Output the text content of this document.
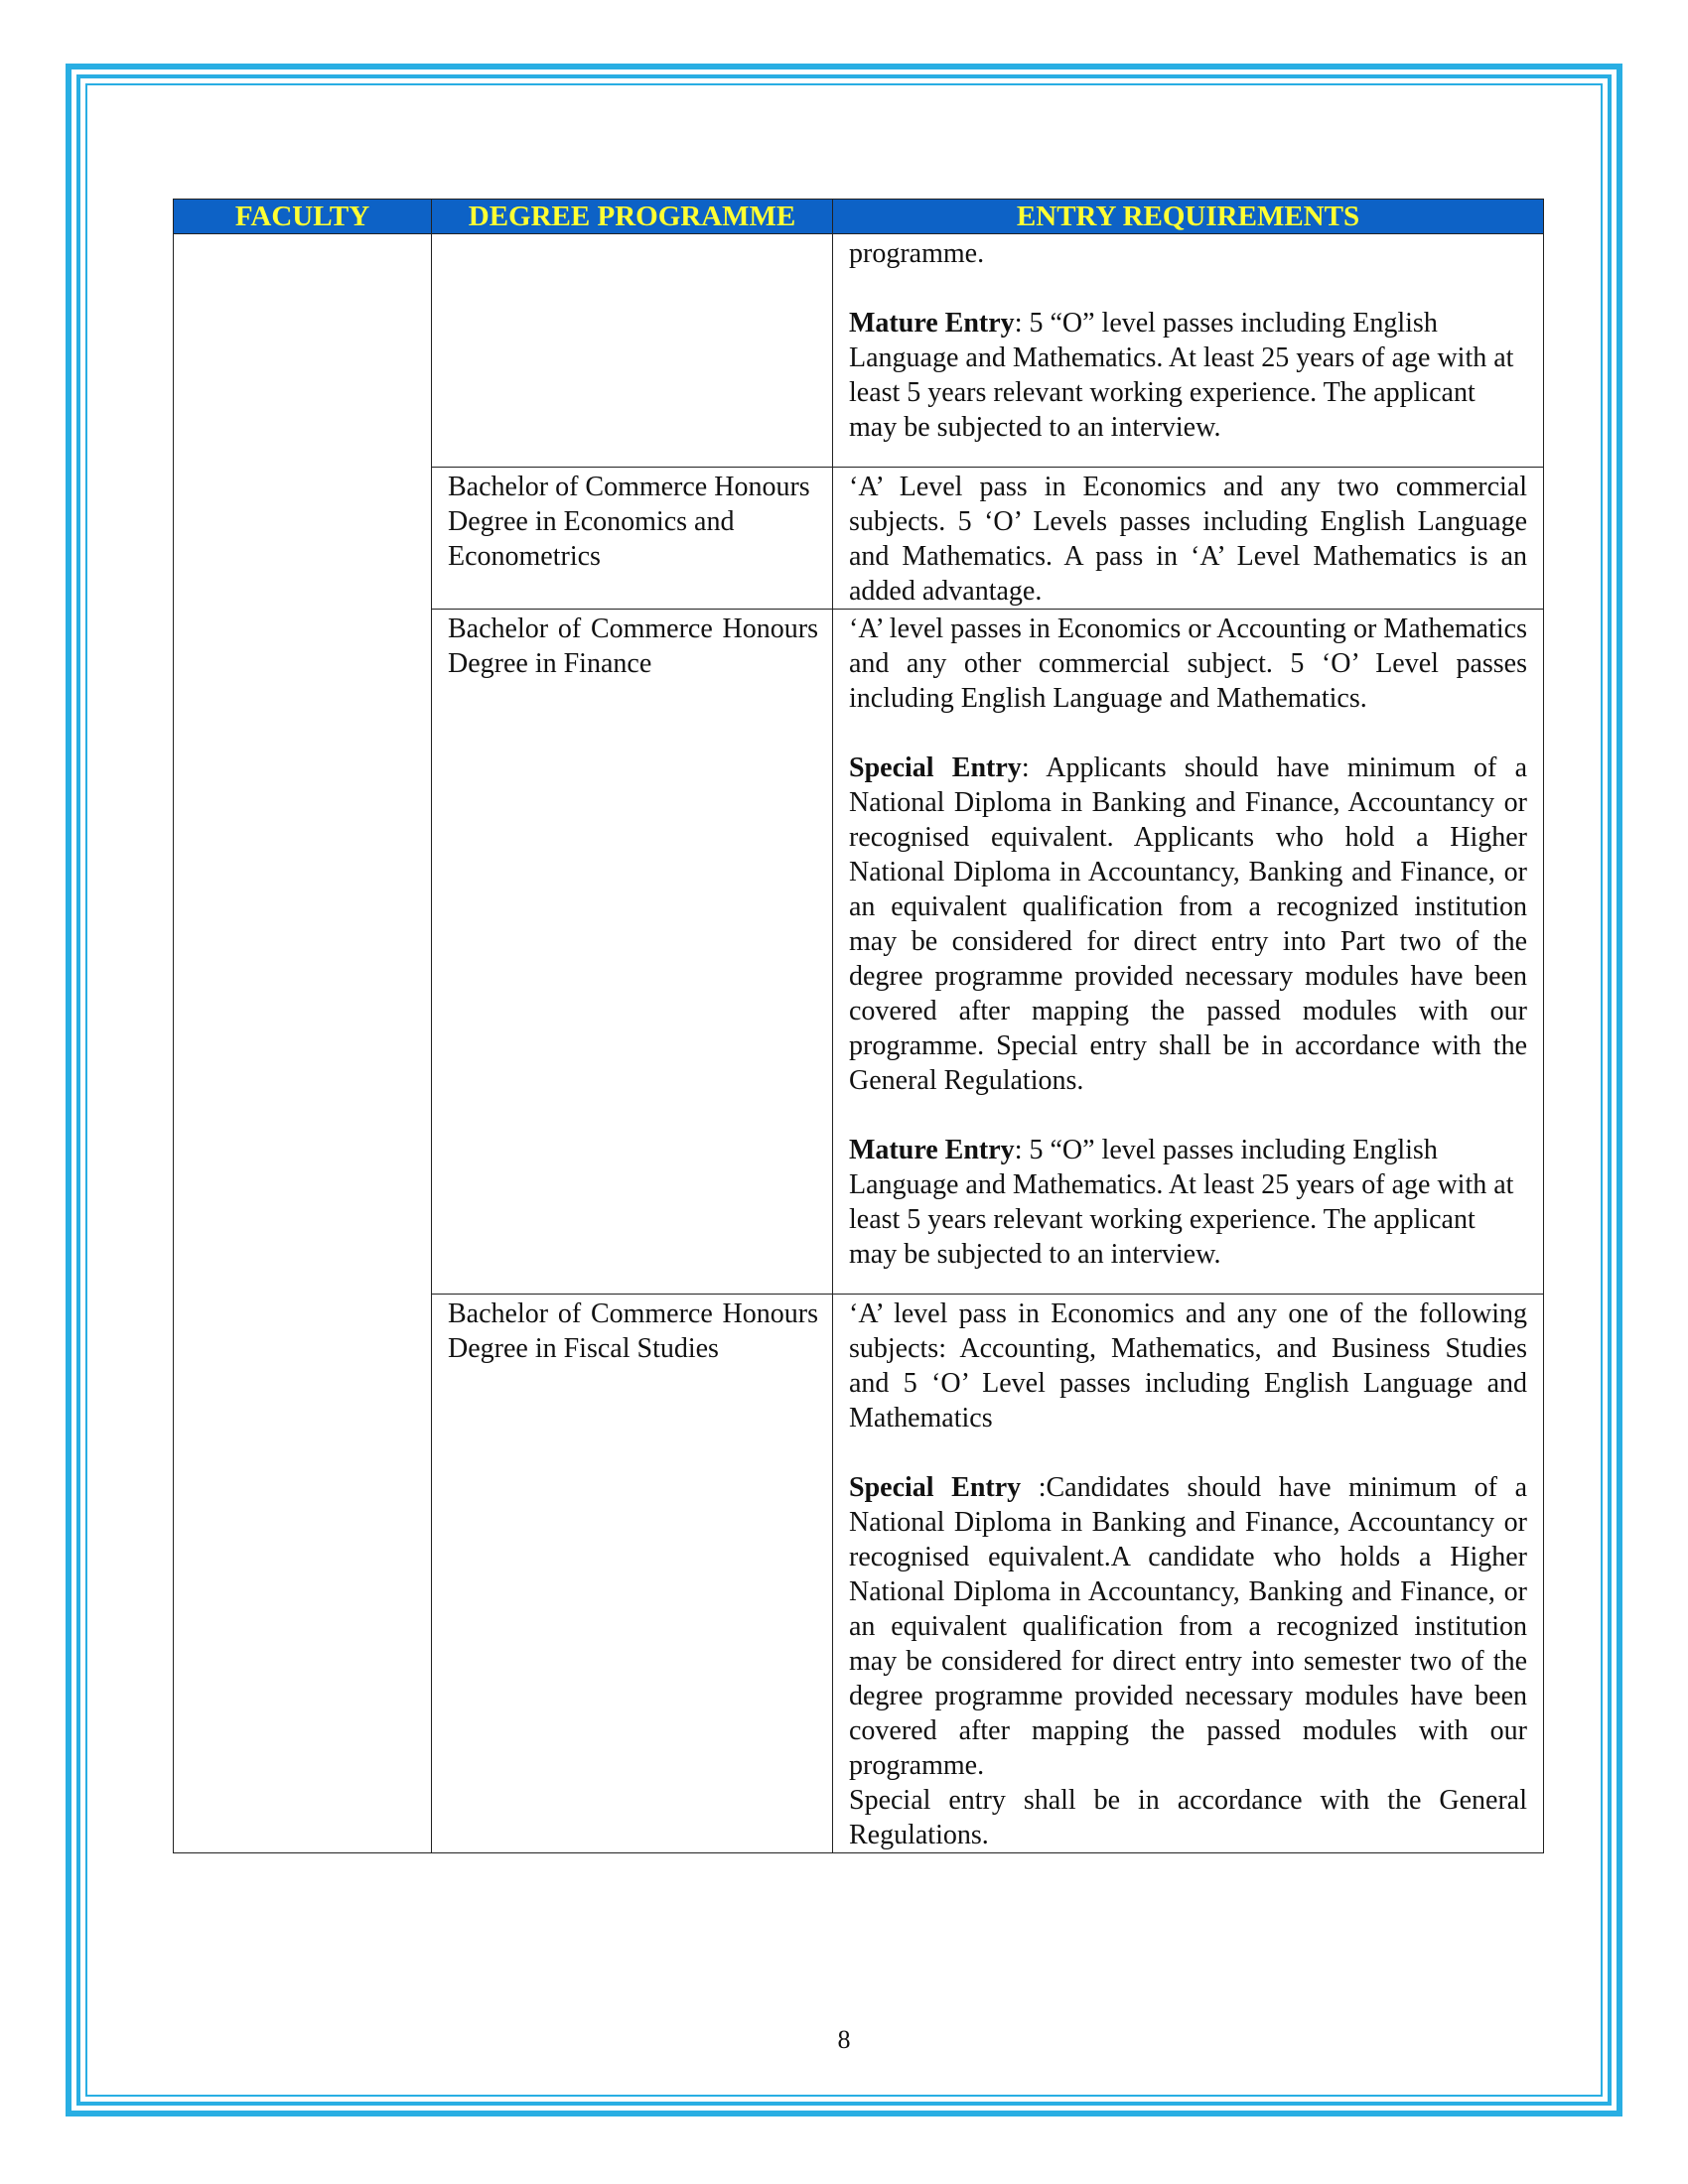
FACULTY	DEGREE PROGRAMME	ENTRY REQUIREMENTS

		programme.

Mature Entry: 5 “O” level passes including English Language and Mathematics. At least 25 years of age with at least 5 years relevant working experience. The applicant may be subjected to an interview.

	Bachelor of Commerce Honours Degree in Economics and Econometrics	‘A’ Level pass in Economics and any two commercial subjects. 5 ‘O’ Levels passes including English Language and Mathematics. A pass in ‘A’ Level Mathematics is an added advantage.

	Bachelor of Commerce Honours Degree in Finance	‘A’ level passes in Economics or Accounting or Mathematics and any other commercial subject. 5 ‘O’ Level passes including English Language and Mathematics.

Special Entry: Applicants should have minimum of a National Diploma in Banking and Finance, Accountancy or recognised equivalent. Applicants who hold a Higher National Diploma in Accountancy, Banking and Finance, or an equivalent qualification from a recognized institution may be considered for direct entry into Part two of the degree programme provided necessary modules have been covered after mapping the passed modules with our programme. Special entry shall be in accordance with the General Regulations.

Mature Entry: 5 “O” level passes including English Language and Mathematics. At least 25 years of age with at least 5 years relevant working experience. The applicant may be subjected to an interview.

	Bachelor of Commerce Honours Degree in Fiscal Studies	‘A’ level pass in Economics and any one of the following subjects: Accounting, Mathematics, and Business Studies and 5 ‘O’ Level passes including English Language and Mathematics

Special Entry :Candidates should have minimum of a National Diploma in Banking and Finance, Accountancy or recognised equivalent.A candidate who holds a Higher National Diploma in Accountancy, Banking and Finance, or an equivalent qualification from a recognized institution may be considered for direct entry into semester two of the degree programme provided necessary modules have been covered after mapping the passed modules with our programme.

Special entry shall be in accordance with the General Regulations.

8
